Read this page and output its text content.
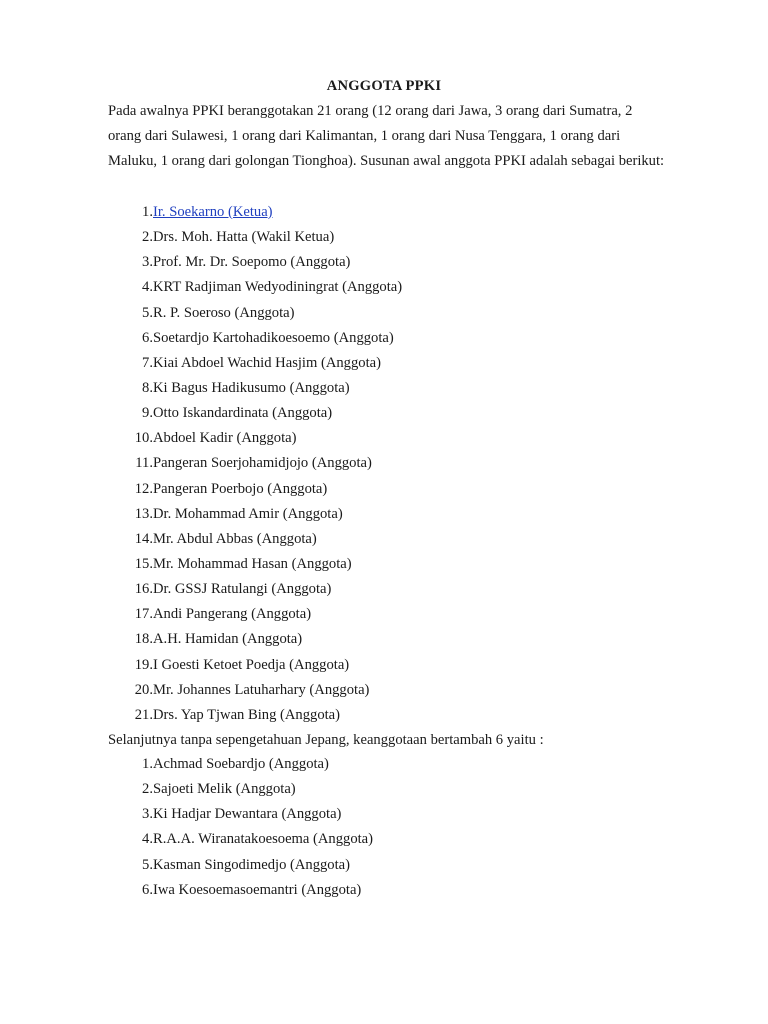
ANGGOTA PPKI

Pada awalnya PPKI beranggotakan 21 orang (12 orang dari Jawa, 3 orang dari Sumatra, 2 orang dari Sulawesi, 1 orang dari Kalimantan, 1 orang dari Nusa Tenggara, 1 orang dari Maluku, 1 orang dari golongan Tionghoa). Susunan awal anggota PPKI adalah sebagai berikut:

1.Ir. Soekarno (Ketua)
2.Drs. Moh. Hatta (Wakil Ketua)
3.Prof. Mr. Dr. Soepomo (Anggota)
4.KRT Radjiman Wedyodiningrat (Anggota)
5.R. P. Soeroso (Anggota)
6.Soetardjo Kartohadikoesoemo (Anggota)
7.Kiai Abdoel Wachid Hasjim (Anggota)
8.Ki Bagus Hadikusumo (Anggota)
9.Otto Iskandardinata (Anggota)
10.Abdoel Kadir (Anggota)
11.Pangeran Soerjohamidjojo (Anggota)
12.Pangeran Poerbojo (Anggota)
13.Dr. Mohammad Amir (Anggota)
14.Mr. Abdul Abbas (Anggota)
15.Mr. Mohammad Hasan (Anggota)
16.Dr. GSSJ Ratulangi (Anggota)
17.Andi Pangerang (Anggota)
18.A.H. Hamidan (Anggota)
19.I Goesti Ketoet Poedja (Anggota)
20.Mr. Johannes Latuharhary (Anggota)
21.Drs. Yap Tjwan Bing (Anggota)

Selanjutnya tanpa sepengetahuan Jepang, keanggotaan bertambah 6 yaitu :

1.Achmad Soebardjo (Anggota)
2.Sajoeti Melik (Anggota)
3.Ki Hadjar Dewantara (Anggota)
4.R.A.A. Wiranatakoesoema (Anggota)
5.Kasman Singodimedjo (Anggota)
6.Iwa Koesoemasoemantri (Anggota)
